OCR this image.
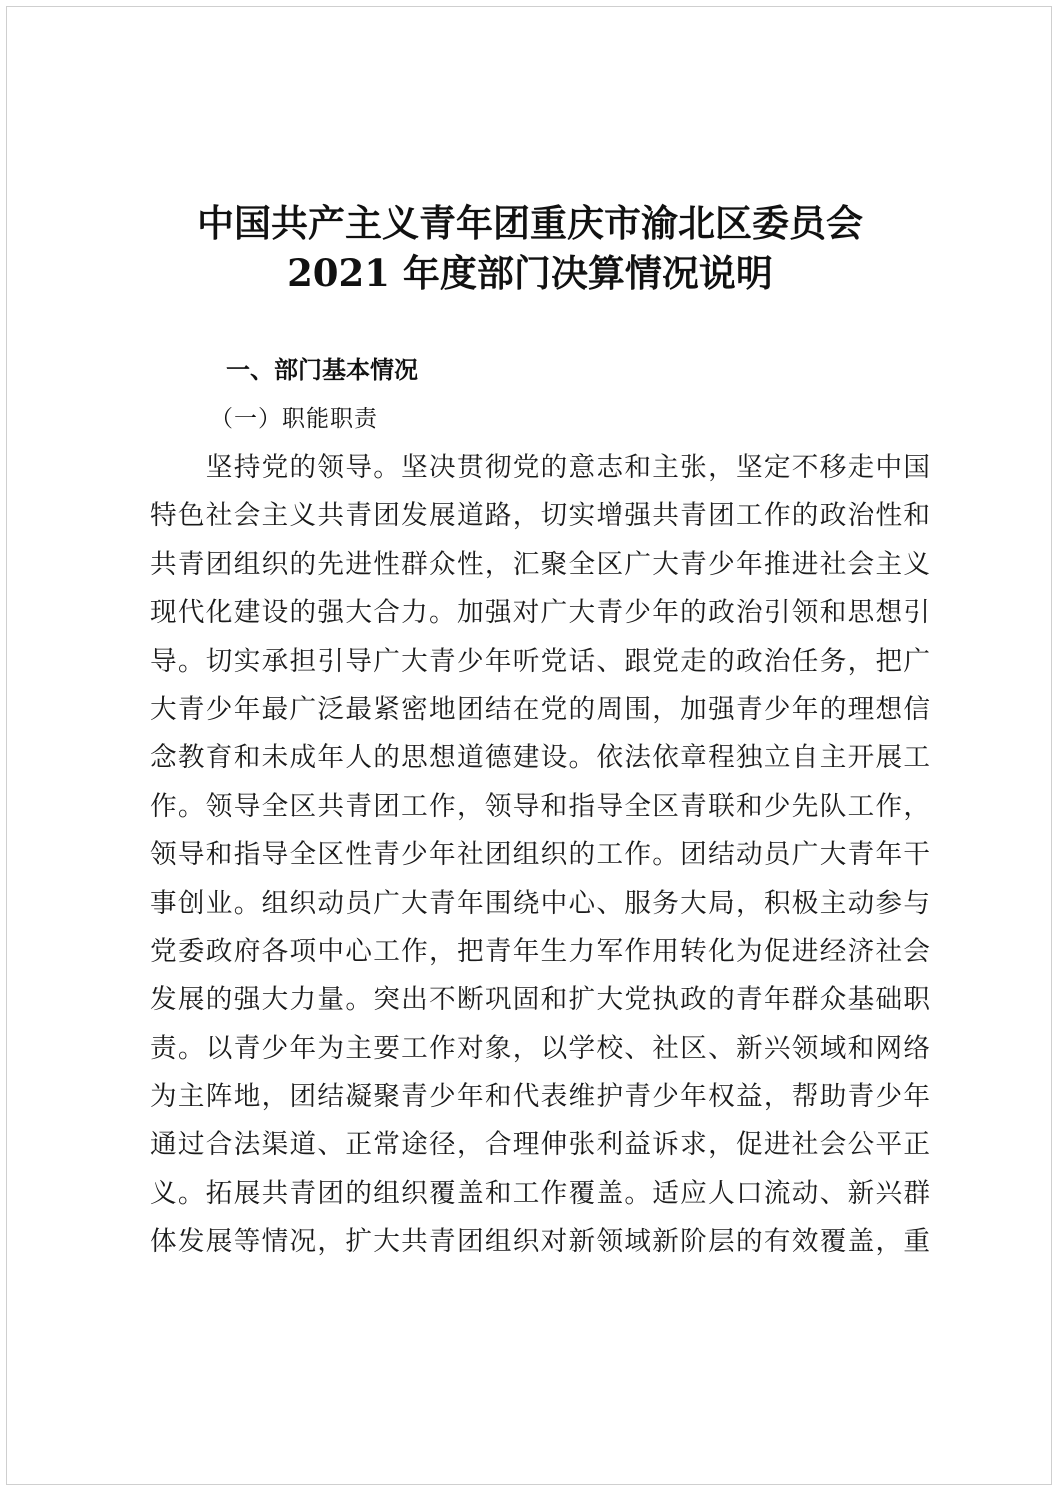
中国共产主义青年团重庆市渝北区委员会
2021 年度部门决算情况说明
一、部门基本情况
（一）职能职责
　　坚持党的领导。坚决贯彻党的意志和主张，坚定不移走中国
特色社会主义共青团发展道路，切实增强共青团工作的政治性和
共青团组织的先进性群众性，汇聚全区广大青少年推进社会主义
现代化建设的强大合力。加强对广大青少年的政治引领和思想引
导。切实承担引导广大青少年听党话、跟党走的政治任务，把广
大青少年最广泛最紧密地团结在党的周围，加强青少年的理想信
念教育和未成年人的思想道德建设。依法依章程独立自主开展工
作。领导全区共青团工作，领导和指导全区青联和少先队工作，
领导和指导全区性青少年社团组织的工作。团结动员广大青年干
事创业。组织动员广大青年围绕中心、服务大局，积极主动参与
党委政府各项中心工作，把青年生力军作用转化为促进经济社会
发展的强大力量。突出不断巩固和扩大党执政的青年群众基础职
责。以青少年为主要工作对象，以学校、社区、新兴领域和网络
为主阵地，团结凝聚青少年和代表维护青少年权益，帮助青少年
通过合法渠道、正常途径，合理伸张利益诉求，促进社会公平正
义。拓展共青团的组织覆盖和工作覆盖。适应人口流动、新兴群
体发展等情况，扩大共青团组织对新领域新阶层的有效覆盖，重
